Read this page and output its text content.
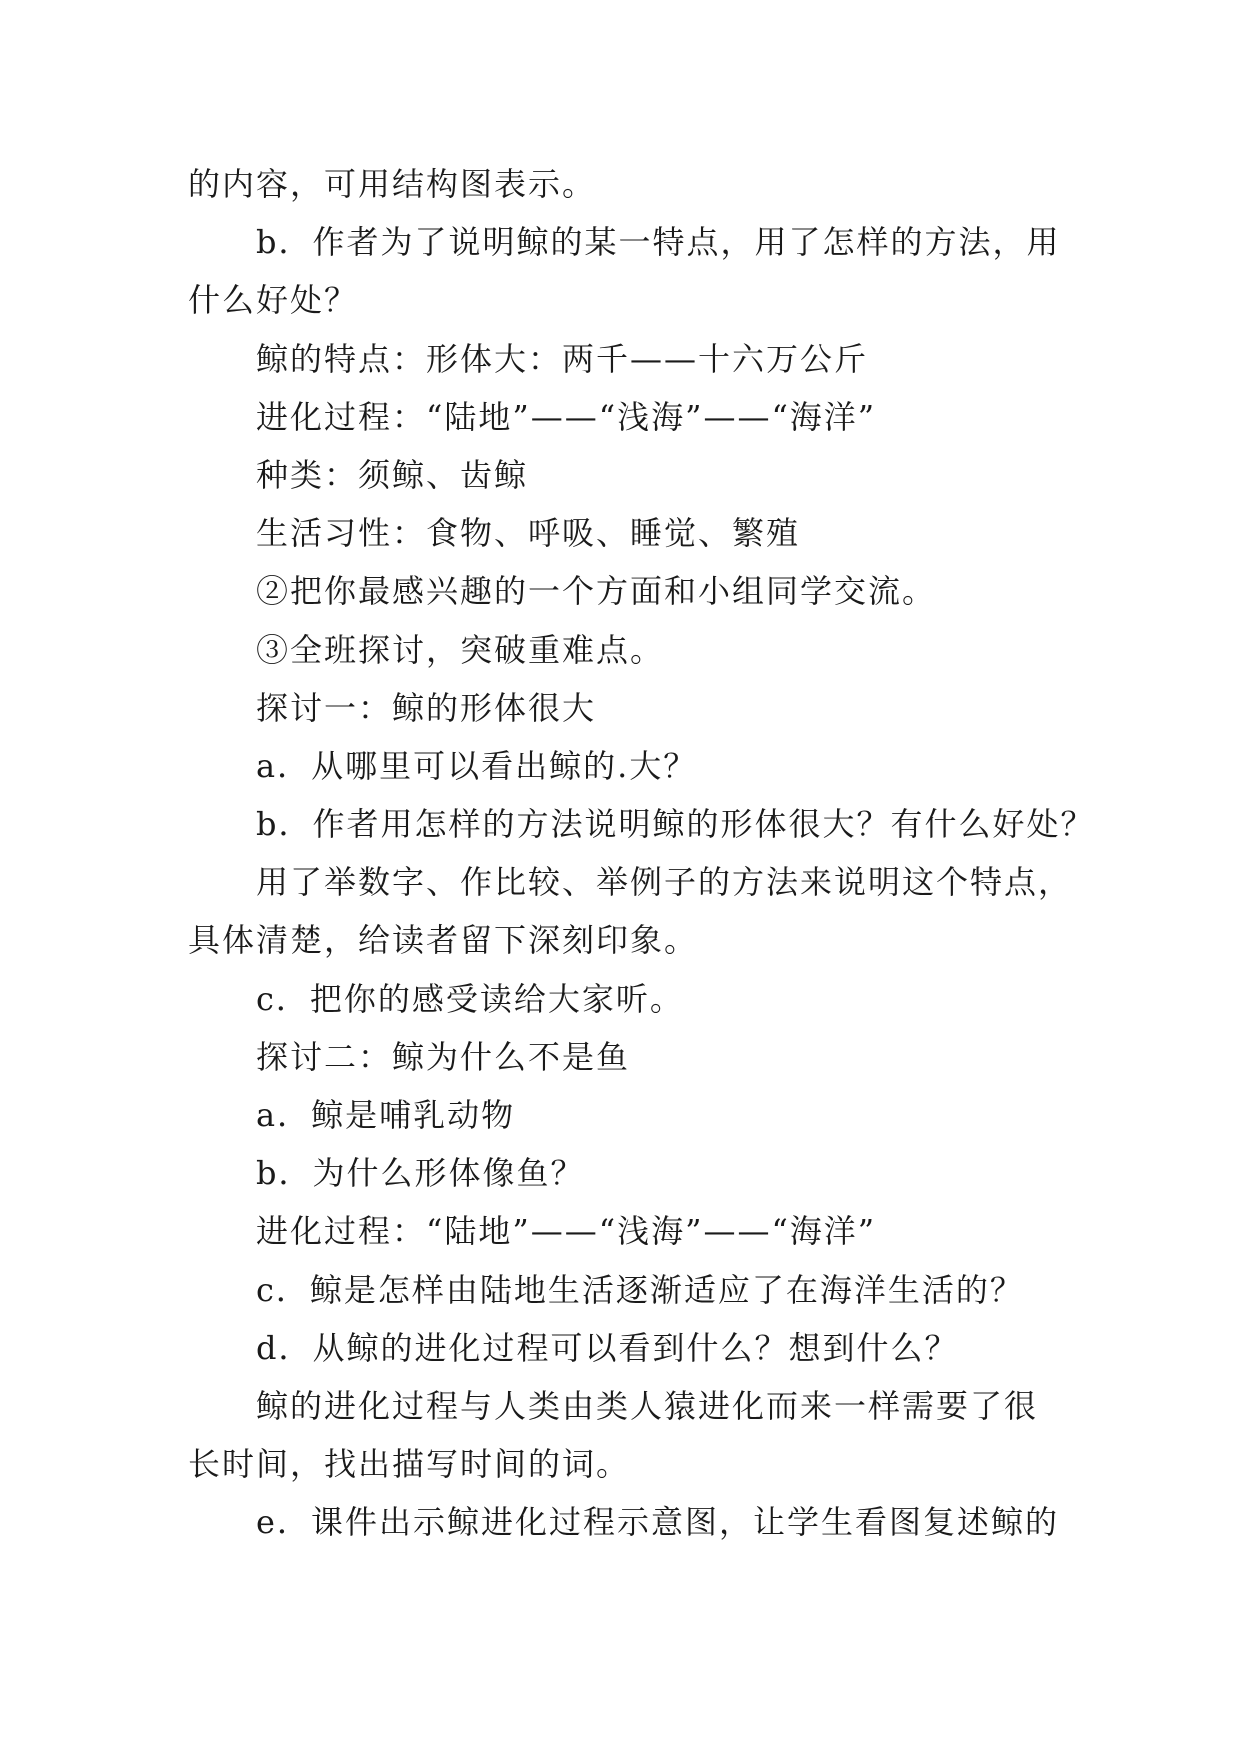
的内容，可用结构图表示。
b．作者为了说明鲸的某一特点，用了怎样的方法，用
什么好处？
鲸的特点：形体大：两千——十六万公斤
进化过程：“陆地”——“浅海”——“海洋”
种类：须鲸、齿鲸
生活习性：食物、呼吸、睡觉、繁殖
②把你最感兴趣的一个方面和小组同学交流。
③全班探讨，突破重难点。
探讨一：鲸的形体很大
a．从哪里可以看出鲸的.大？
b．作者用怎样的方法说明鲸的形体很大？有什么好处？
用了举数字、作比较、举例子的方法来说明这个特点，
具体清楚，给读者留下深刻印象。
c．把你的感受读给大家听。
探讨二：鲸为什么不是鱼
a．鲸是哺乳动物
b．为什么形体像鱼？
进化过程：“陆地”——“浅海”——“海洋”
c．鲸是怎样由陆地生活逐渐适应了在海洋生活的？
d．从鲸的进化过程可以看到什么？想到什么？
鲸的进化过程与人类由类人猿进化而来一样需要了很
长时间，找出描写时间的词。
e．课件出示鲸进化过程示意图，让学生看图复述鲸的
